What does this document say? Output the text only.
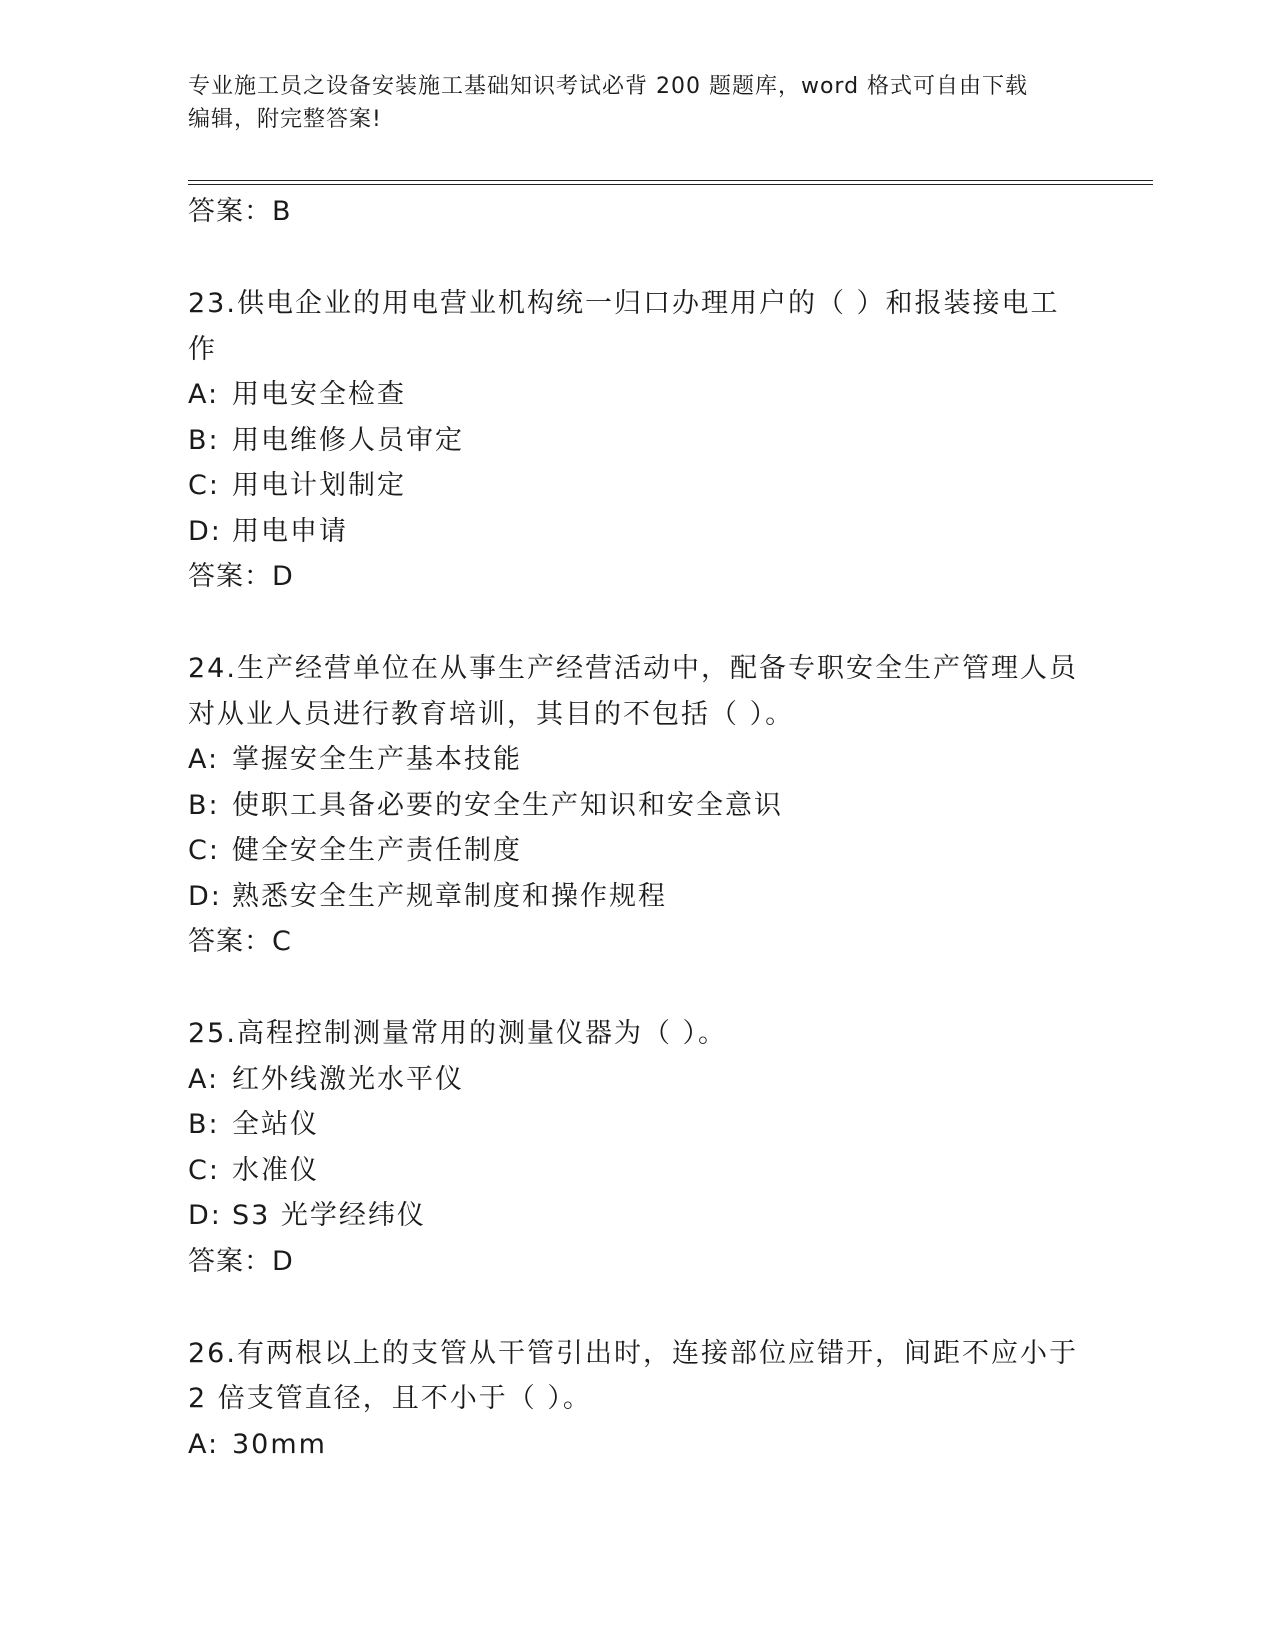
专业施工员之设备安装施工基础知识考试必背 200 题题库，word 格式可自由下载
编辑，附完整答案!
答案：B
23.供电企业的用电营业机构统一归口办理用户的（ ）和报装接电工
作
A: 用电安全检查
B: 用电维修人员审定
C: 用电计划制定
D: 用电申请
答案：D
24.生产经营单位在从事生产经营活动中，配备专职安全生产管理人员
对从业人员进行教育培训，其目的不包括（ ）。
A: 掌握安全生产基本技能
B: 使职工具备必要的安全生产知识和安全意识
C: 健全安全生产责任制度
D: 熟悉安全生产规章制度和操作规程
答案：C
25.高程控制测量常用的测量仪器为（ ）。
A: 红外线激光水平仪
B: 全站仪
C: 水准仪
D: S3 光学经纬仪
答案：D
26.有两根以上的支管从干管引出时，连接部位应错开，间距不应小于
2 倍支管直径，且不小于（ ）。
A: 30mm
